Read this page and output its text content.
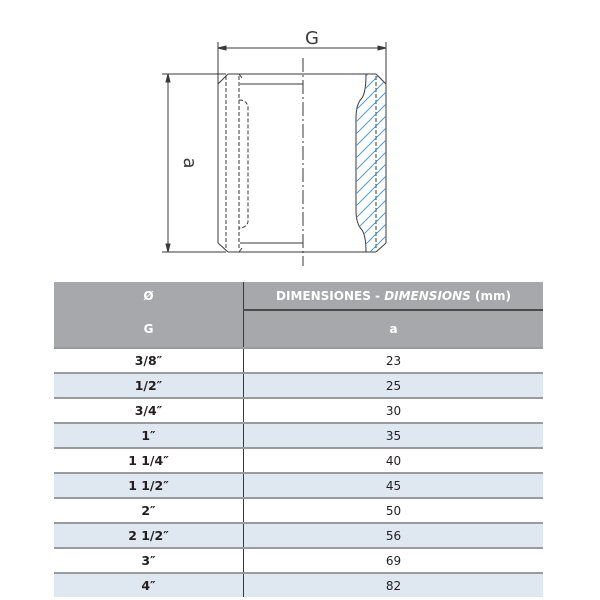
G
a
Ø	DIMENSIONES - DIMENSIONS (mm)
G	a
3/8″	23
1/2″	25
3/4″	30
1″	35
1 1/4″	40
1 1/2″	45
2″	50
2 1/2″	56
3″	69
4″	82
